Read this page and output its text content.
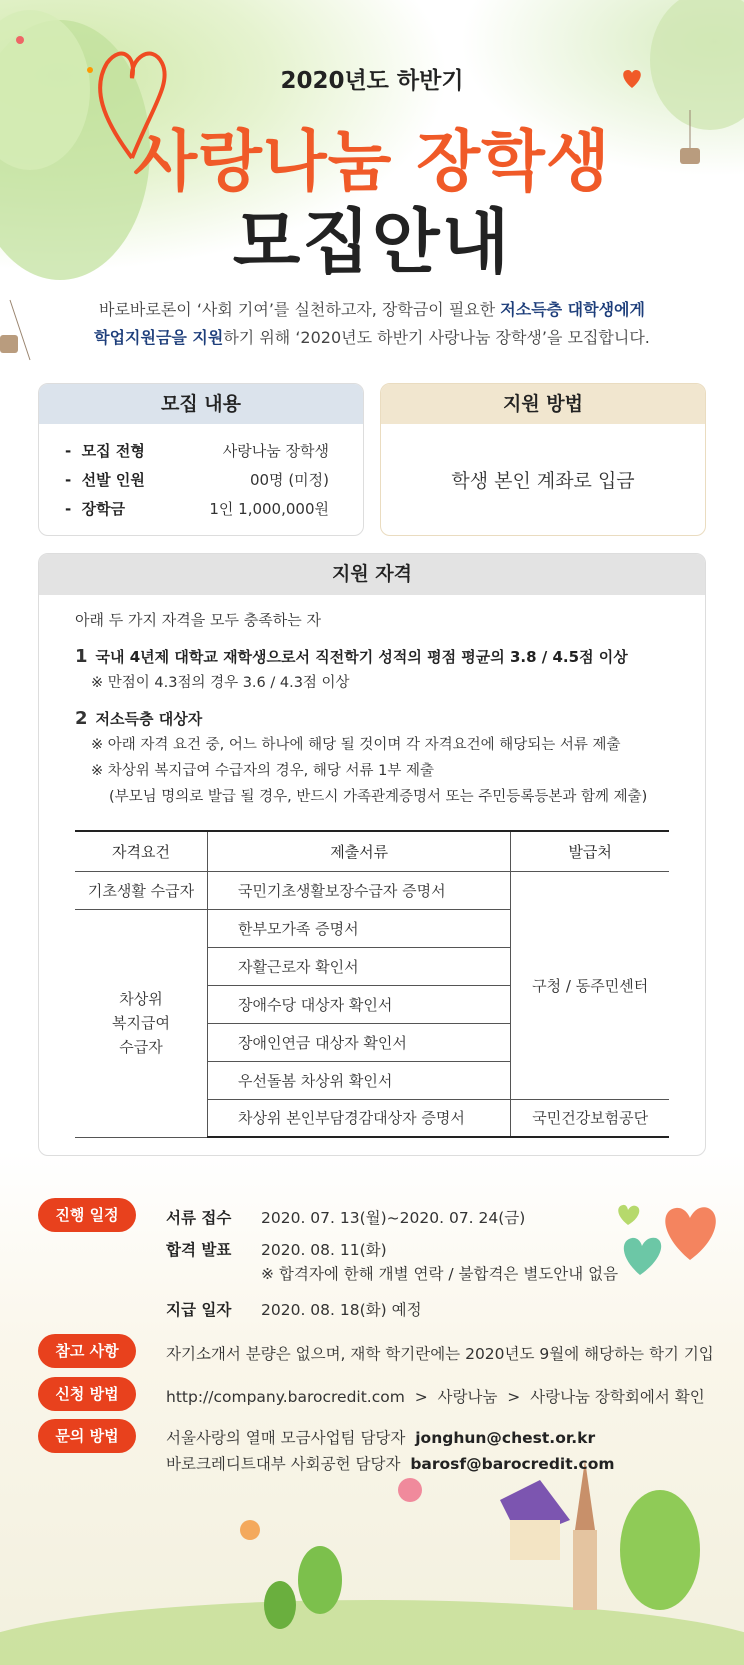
2020년도 하반기
사랑나눔 장학생
모집안내
바로바로론이 ‘사회 기여’를 실천하고자, 장학금이 필요한 저소득층 대학생에게
학업지원금을 지원하기 위해 ‘2020년도 하반기 사랑나눔 장학생’을 모집합니다.
모집 내용
-  모집 전형	사랑나눔 장학생
-  선발 인원	00명 (미정)
-  장학금	1인 1,000,000원
지원 방법
학생 본인 계좌로 입금
지원 자격
아래 두 가지 자격을 모두 충족하는 자
1 국내 4년제 대학교 재학생으로서 직전학기 성적의 평점 평균의 3.8 / 4.5점 이상
※ 만점이 4.3점의 경우 3.6 / 4.3점 이상
2 저소득층 대상자
※ 아래 자격 요건 중, 어느 하나에 해당 될 것이며 각 자격요건에 해당되는 서류 제출
※ 차상위 복지급여 수급자의 경우, 해당 서류 1부 제출
(부모님 명의로 발급 될 경우, 반드시 가족관계증명서 또는 주민등록등본과 함께 제출)
자격요건	제출서류	발급처
기초생활 수급자	국민기초생활보장수급자 증명서	구청 / 동주민센터
차상위
복지급여
수급자	한부모가족 증명서	
	자활근로자 확인서	
	장애수당 대상자 확인서	
	장애인연금 대상자 확인서	
	우선돌봄 차상위 확인서	
	차상위 본인부담경감대상자 증명서	국민건강보험공단
진행 일정	서류 접수 2020. 07. 13(월)~2020. 07. 24(금)
합격 발표 2020. 08. 11(화)
※ 합격자에 한해 개별 연락 / 불합격은 별도안내 없음
지급 일자 2020. 08. 18(화) 예정
참고 사항	자기소개서 분량은 없으며, 재학 학기란에는 2020년도 9월에 해당하는 학기 기입
신청 방법	http://company.barocredit.com  >  사랑나눔  >  사랑나눔 장학회에서 확인
문의 방법	서울사랑의 열매 모금사업팀 담당자  jonghun@chest.or.kr
바로크레디트대부 사회공헌 담당자  barosf@barocredit.com
